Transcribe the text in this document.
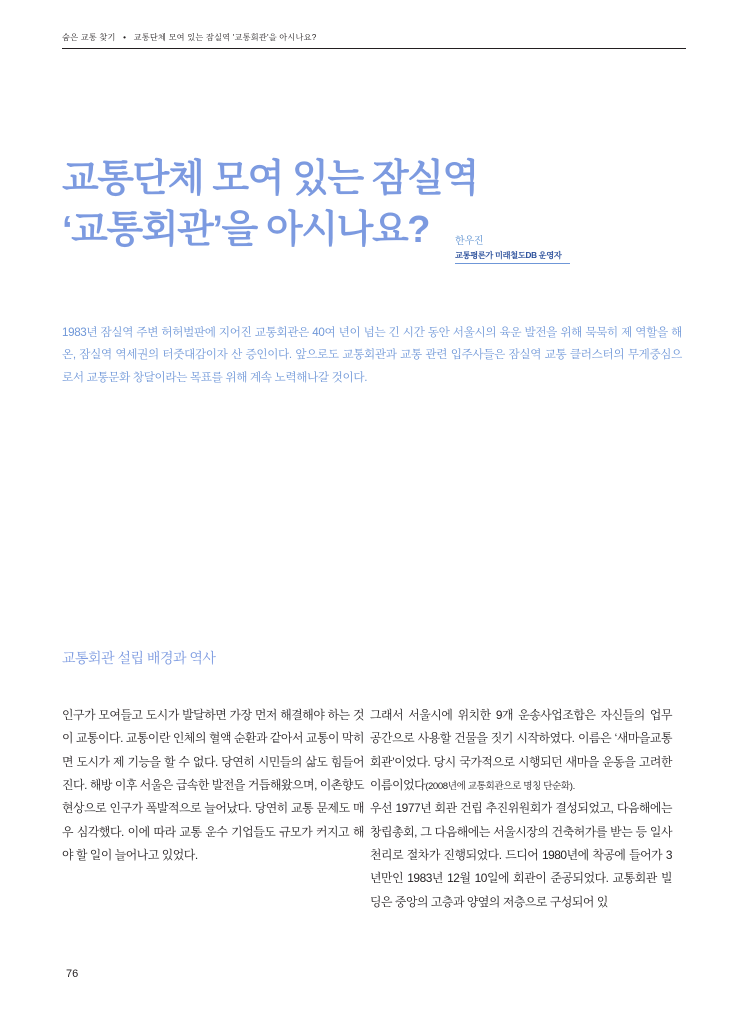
숨은 교통 찾기 • 교통단체 모여 있는 잠실역 '교통회관'을 아시나요?
교통단체 모여 있는 잠실역
‘교통회관’을 아시나요?	한우진
교통평론가 미래철도DB 운영자
1983년 잠실역 주변 허허벌판에 지어진 교통회관은 40여 년이 넘는 긴 시간 동안 서울시의 육운 발전을 위해 묵묵히 제 역할을 해온, 잠실역 역세권의 터줏대감이자 산 증인이다. 앞으로도 교통회관과 교통 관련 입주사들은 잠실역 교통 클러스터의 무게중심으로서 교통문화 창달이라는 목표를 위해 계속 노력해나갈 것이다.
교통회관 설립 배경과 역사

인구가 모여들고 도시가 발달하면 가장 먼저 해결해야 하는 것이 교통이다. 교통이란 인체의 혈액 순환과 같아서 교통이 막히면 도시가 제 기능을 할 수 없다. 당연히 시민들의 삶도 힘들어진다. 해방 이후 서울은 급속한 발전을 거듭해왔으며, 이촌향도 현상으로 인구가 폭발적으로 늘어났다. 당연히 교통 문제도 매우 심각했다. 이에 따라 교통 운수 기업들도 규모가 커지고 해야 할 일이 늘어나고 있었다.

그래서 서울시에 위치한 9개 운송사업조합은 자신들의 업무 공간으로 사용할 건물을 짓기 시작하였다. 이름은 ‘새마을교통회관’이었다. 당시 국가적으로 시행되던 새마을 운동을 고려한 이름이었다(2008년에 교통회관으로 명칭 단순화).

우선 1977년 회관 건립 추진위원회가 결성되었고, 다음해에는 창립총회, 그 다음해에는 서울시장의 건축허가를 받는 등 일사천리로 절차가 진행되었다. 드디어 1980년에 착공에 들어가 3년만인 1983년 12월 10일에 회관이 준공되었다. 교통회관 빌딩은 중앙의 고층과 양옆의 저층으로 구성되어 있

76
